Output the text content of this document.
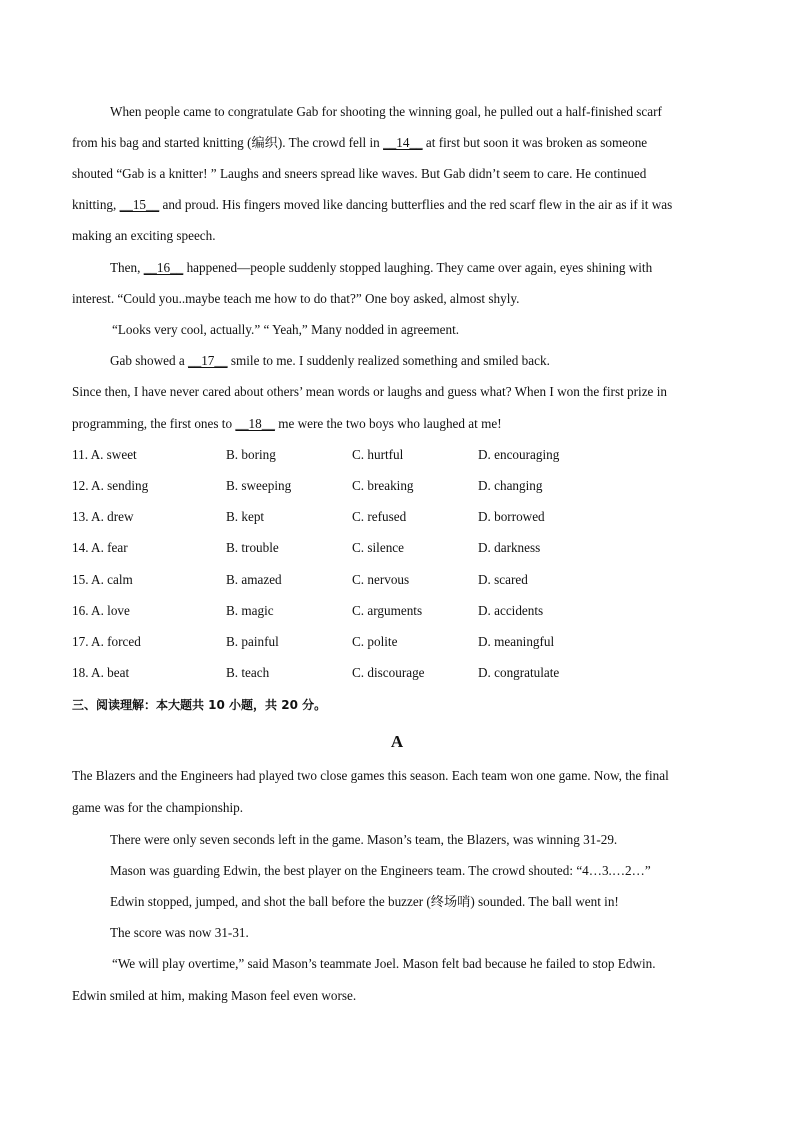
When people came to congratulate Gab for shooting the winning goal, he pulled out a half-finished scarf
from his bag and started knitting (编织). The crowd fell in __14__ at first but soon it was broken as someone
shouted “Gab is a knitter! ” Laughs and sneers spread like waves. But Gab didn’t seem to care. He continued
knitting, __15__ and proud. His fingers moved like dancing butterflies and the red scarf flew in the air as if it was
making an exciting speech.
Then, __16__ happened—people suddenly stopped laughing. They came over again, eyes shining with
interest. “Could you..maybe teach me how to do that?” One boy asked, almost shyly.
“Looks very cool, actually.” “ Yeah,” Many nodded in agreement.
Gab showed a __17__ smile to me. I suddenly realized something and smiled back.
Since then, I have never cared about others’ mean words or laughs and guess what? When I won the first prize in
programming, the first ones to __18__ me were the two boys who laughed at me!
11. A. sweet	B. boring	C. hurtful	D. encouraging
12. A. sending	B. sweeping	C. breaking	D. changing
13. A. drew	B. kept	C. refused	D. borrowed
14. A. fear	B. trouble	C. silence	D. darkness
15. A. calm	B. amazed	C. nervous	D. scared
16. A. love	B. magic	C. arguments	D. accidents
17. A. forced	B. painful	C. polite	D. meaningful
18. A. beat	B. teach	C. discourage	D. congratulate
三、阅读理解：本大题共 10 小题，共 20 分。
A
The Blazers and the Engineers had played two close games this season. Each team won one game. Now, the final
game was for the championship.
There were only seven seconds left in the game. Mason’s team, the Blazers, was winning 31-29.
Mason was guarding Edwin, the best player on the Engineers team. The crowd shouted: “4…3.…2…”
Edwin stopped, jumped, and shot the ball before the buzzer (终场哨) sounded. The ball went in!
The score was now 31-31.
“We will play overtime,” said Mason’s teammate Joel. Mason felt bad because he failed to stop Edwin.
Edwin smiled at him, making Mason feel even worse.
